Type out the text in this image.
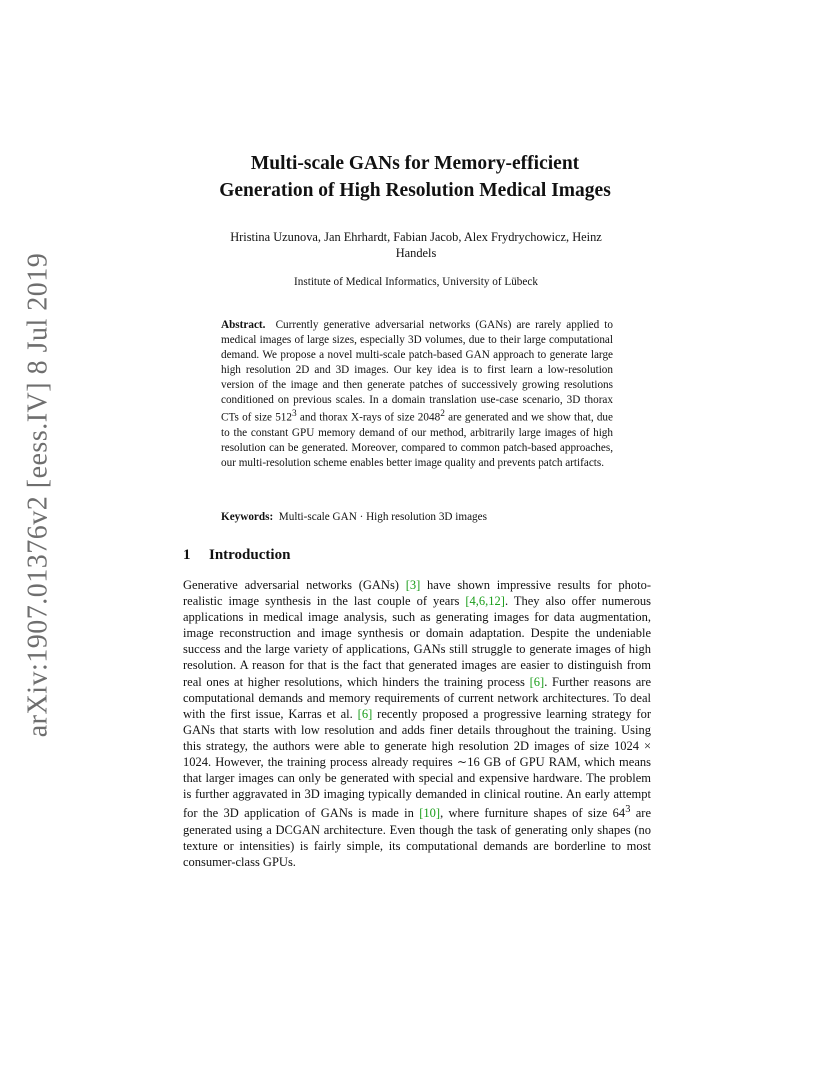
arXiv:1907.01376v2 [eess.IV] 8 Jul 2019
Multi-scale GANs for Memory-efficient
Generation of High Resolution Medical Images
Hristina Uzunova, Jan Ehrhardt, Fabian Jacob, Alex Frydrychowicz, Heinz
Handels
Institute of Medical Informatics, University of Lübeck
Abstract. Currently generative adversarial networks (GANs) are rarely applied to medical images of large sizes, especially 3D volumes, due to their large computational demand. We propose a novel multi-scale patch-based GAN approach to generate large high resolution 2D and 3D images. Our key idea is to first learn a low-resolution version of the image and then generate patches of successively growing resolutions conditioned on previous scales. In a domain translation use-case scenario, 3D thorax CTs of size $512^3$ and thorax X-rays of size 2048$^2$ are generated and we show that, due to the constant GPU memory demand of our method, arbitrarily large images of high resolution can be generated. Moreover, compared to common patch-based approaches, our multi-resolution scheme enables better image quality and prevents patch artifacts.
Keywords: Multi-scale GAN · High resolution 3D images
1 Introduction
Generative adversarial networks (GANs) [3] have shown impressive results for photo-realistic image synthesis in the last couple of years [4,6,12]. They also offer numerous applications in medical image analysis, such as generating images for data augmentation, image reconstruction and image synthesis or domain adaptation. Despite the undeniable success and the large variety of applications, GANs still struggle to generate images of high resolution. A reason for that is the fact that generated images are easier to distinguish from real ones at higher resolutions, which hinders the training process [6]. Further reasons are computational demands and memory requirements of current network architectures. To deal with the first issue, Karras et al. [6] recently proposed a progressive learning strategy for GANs that starts with low resolution and adds finer details throughout the training. Using this strategy, the authors were able to generate high resolution 2D images of size 1024 × 1024. However, the training process already requires ∼16 GB of GPU RAM, which means that larger images can only be generated with special and expensive hardware. The problem is further aggravated in 3D imaging typically demanded in clinical routine. An early attempt for the 3D application of GANs is made in [10], where furniture shapes of size $64^3$ are generated using a DCGAN architecture. Even though the task of generating only shapes (no texture or intensities) is fairly simple, its computational demands are borderline to most consumer-class GPUs.
